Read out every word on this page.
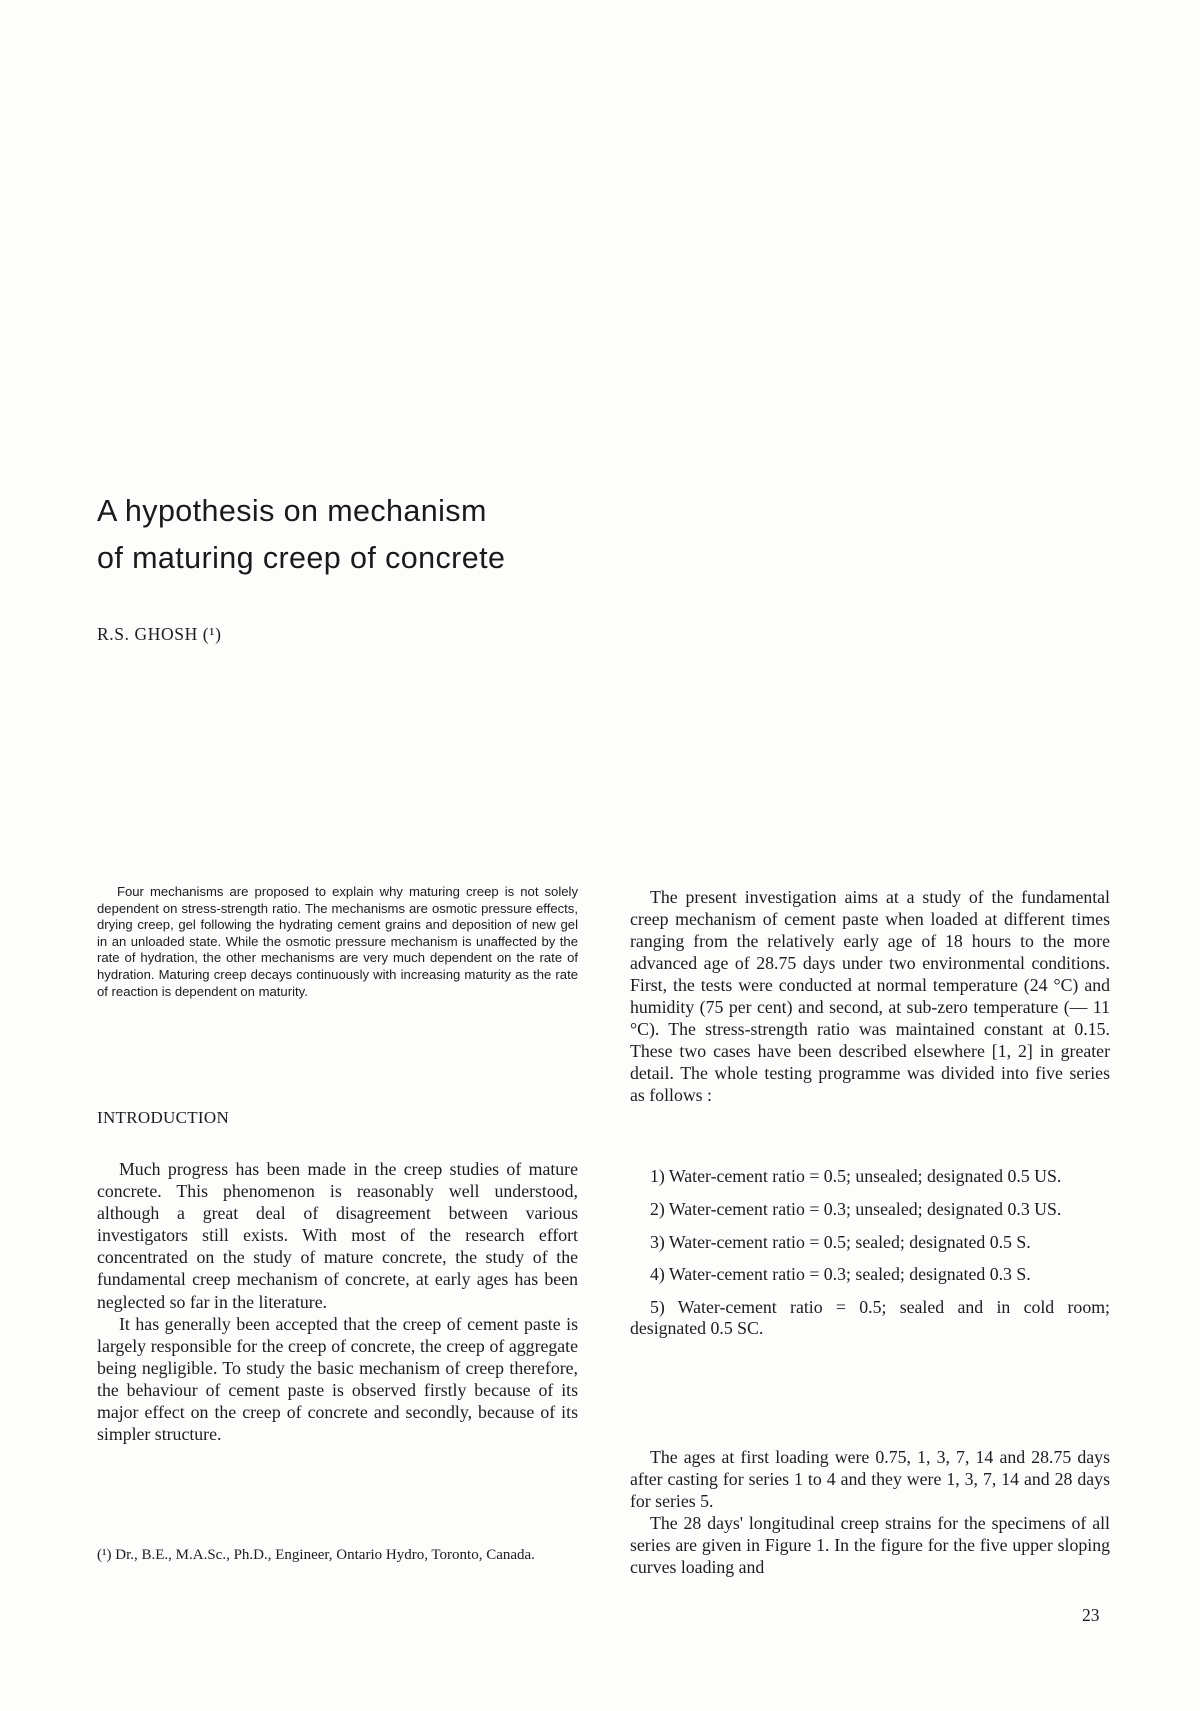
A hypothesis on mechanism
of maturing creep of concrete
R.S. GHOSH (¹)

Four mechanisms are proposed to explain why maturing creep is not solely dependent on stress-strength ratio. The mechanisms are osmotic pressure effects, drying creep, gel following the hydrating cement grains and deposition of new gel in an unloaded state. While the osmotic pressure mechanism is unaffected by the rate of hydration, the other mechanisms are very much dependent on the rate of hydration. Maturing creep decays continuously with increasing maturity as the rate of reaction is dependent on maturity.

INTRODUCTION

Much progress has been made in the creep studies of mature concrete. This phenomenon is reasonably well understood, although a great deal of disagreement between various investigators still exists. With most of the research effort concentrated on the study of mature concrete, the study of the fundamental creep mechanism of concrete, at early ages has been neglected so far in the literature.

It has generally been accepted that the creep of cement paste is largely responsible for the creep of concrete, the creep of aggregate being negligible. To study the basic mechanism of creep therefore, the behaviour of cement paste is observed firstly because of its major effect on the creep of concrete and secondly, because of its simpler structure.

(¹) Dr., B.E., M.A.Sc., Ph.D., Engineer, Ontario Hydro, Toronto, Canada.

The present investigation aims at a study of the fundamental creep mechanism of cement paste when loaded at different times ranging from the relatively early age of 18 hours to the more advanced age of 28.75 days under two environmental conditions. First, the tests were conducted at normal temperature (24 °C) and humidity (75 per cent) and second, at sub-zero temperature (— 11 °C). The stress-strength ratio was maintained constant at 0.15. These two cases have been described elsewhere [1, 2] in greater detail. The whole testing programme was divided into five series as follows :

1) Water-cement ratio = 0.5; unsealed; designated 0.5 US.

2) Water-cement ratio = 0.3; unsealed; designated 0.3 US.

3) Water-cement ratio = 0.5; sealed; designated 0.5 S.

4) Water-cement ratio = 0.3; sealed; designated 0.3 S.

5) Water-cement ratio = 0.5; sealed and in cold room; designated 0.5 SC.

The ages at first loading were 0.75, 1, 3, 7, 14 and 28.75 days after casting for series 1 to 4 and they were 1, 3, 7, 14 and 28 days for series 5.

The 28 days' longitudinal creep strains for the specimens of all series are given in Figure 1. In the figure for the five upper sloping curves loading and

23
